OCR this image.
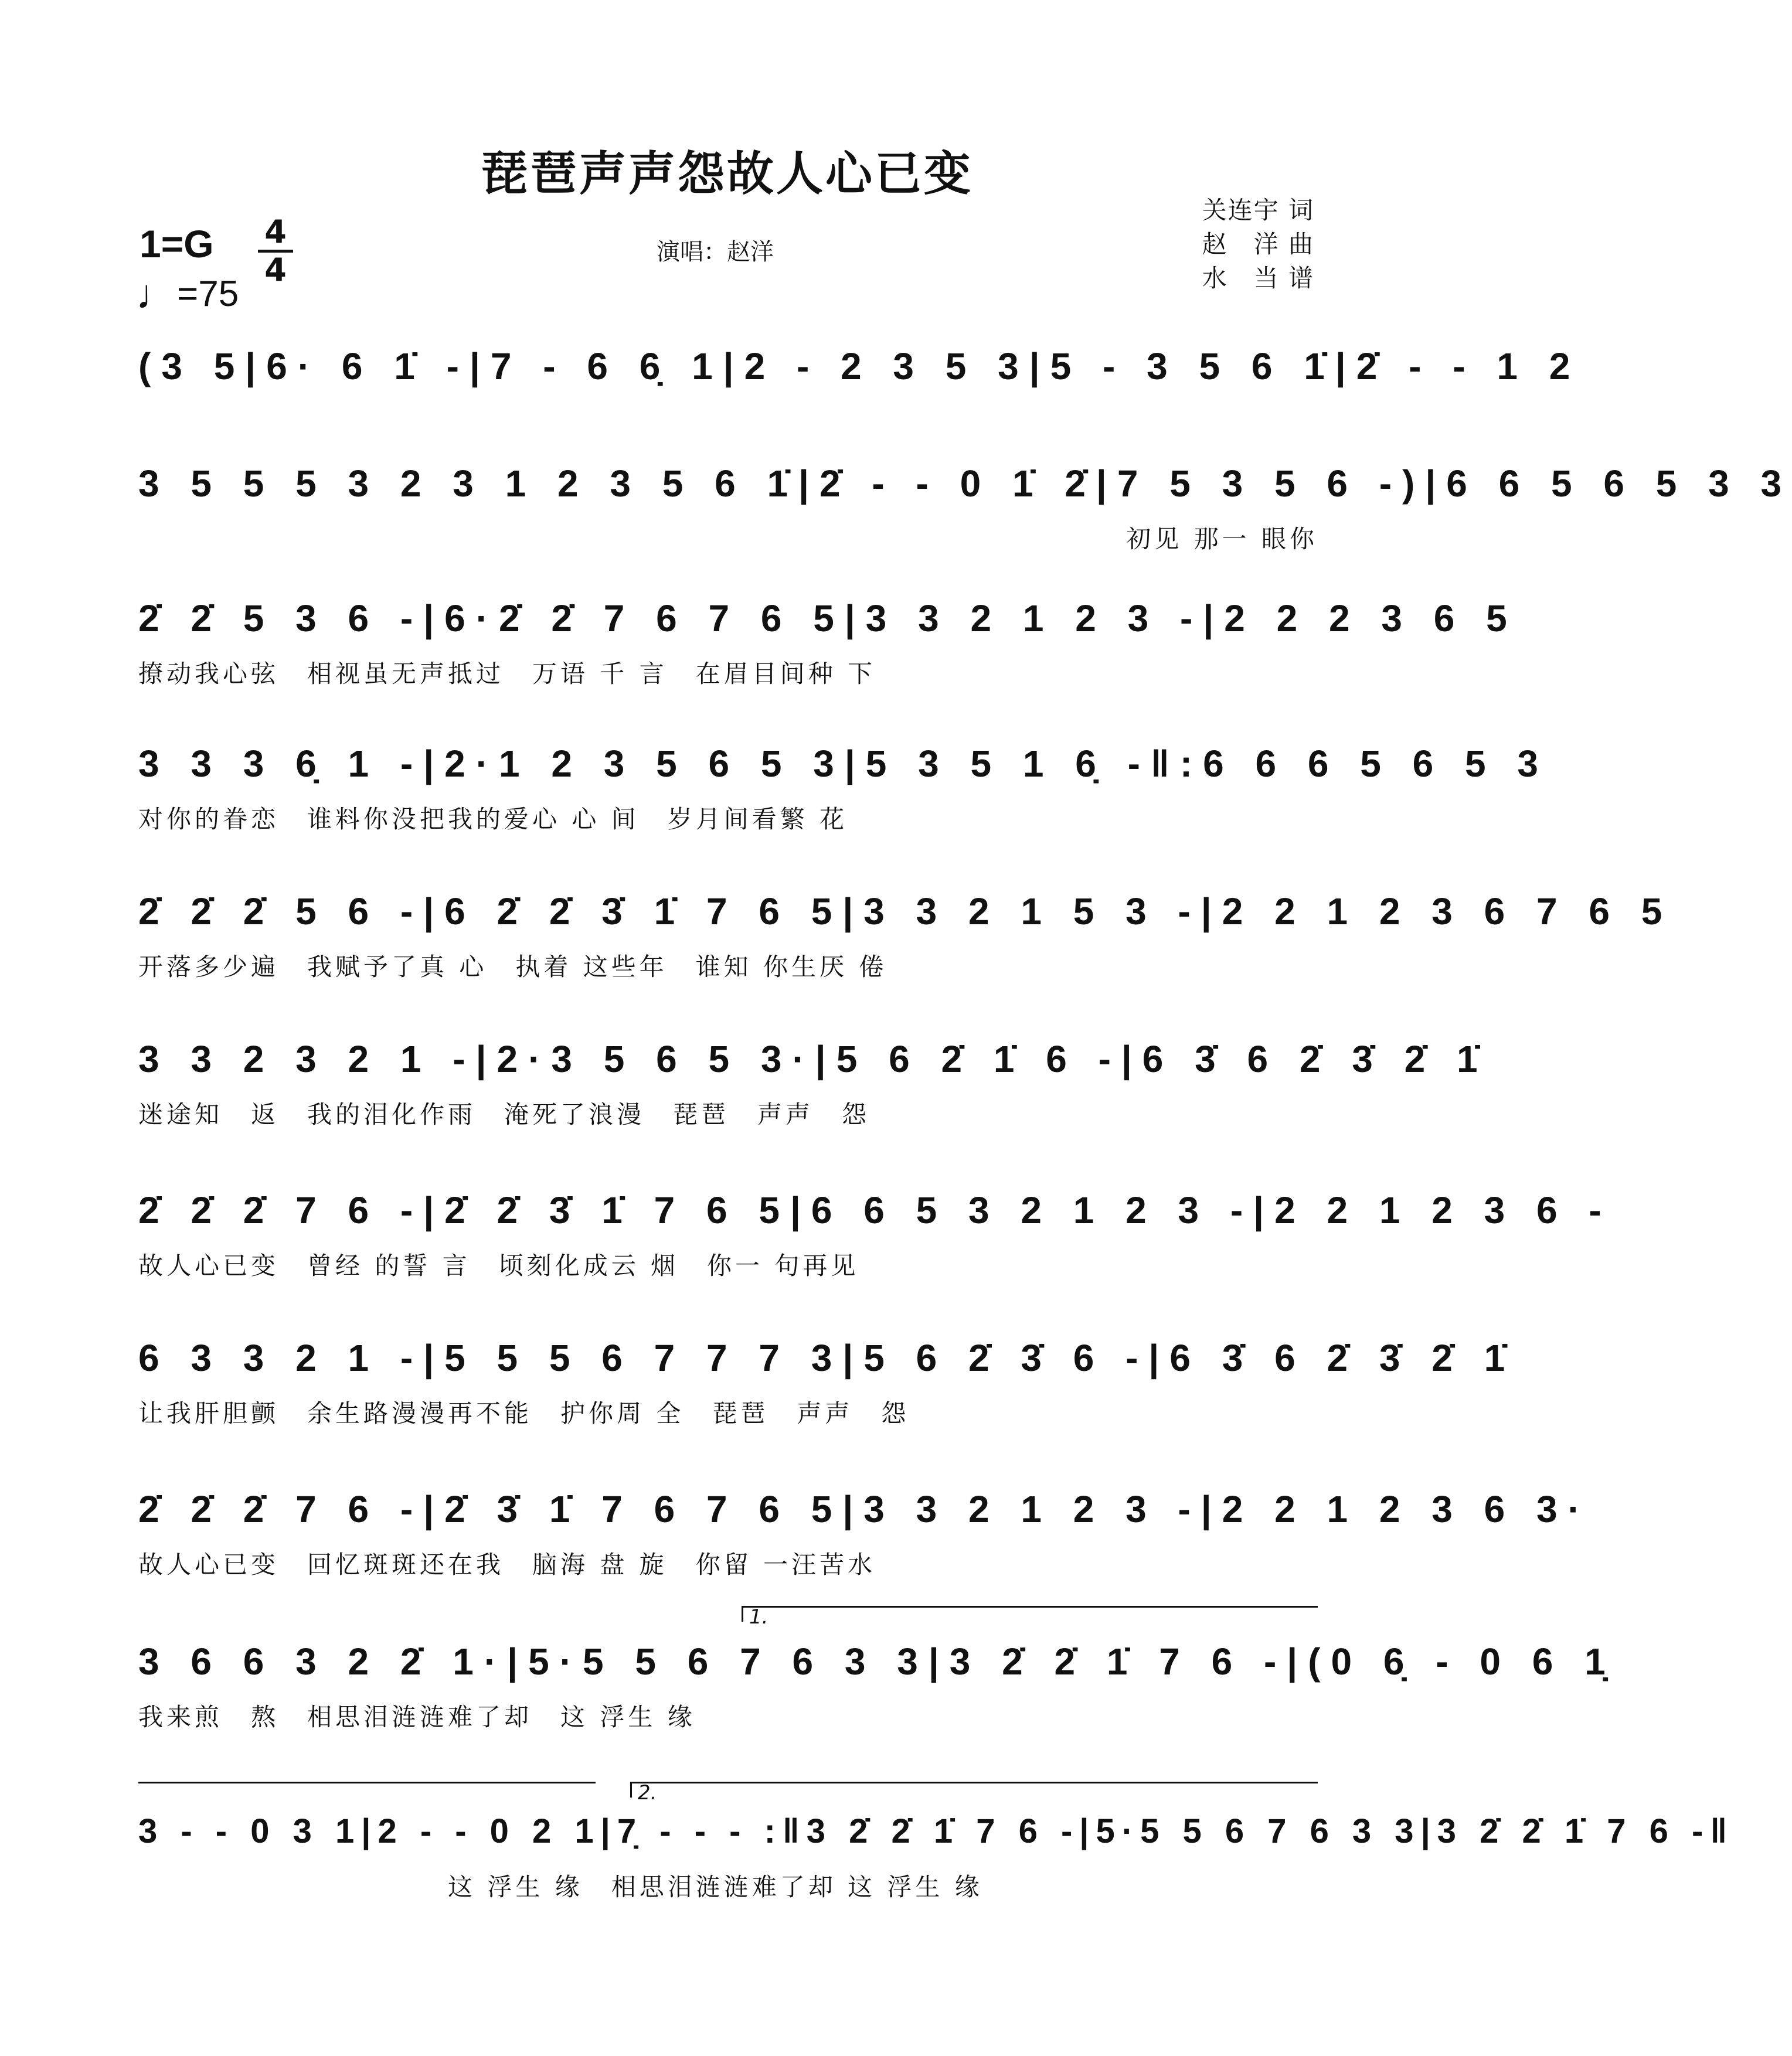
琵琶声声怨故人心已变
1=G 4
4
♩=75
演唱：赵洋
关连宇 词
赵　洋 曲
水　当 谱
(3 5|6· 6 1̇ -|7 - 6 6̣ 1|2 - 2 3 5 3|5 - 3 5 6 1̇|2̇ - - 1 2
3 5 5 5 3 2 3 1 2 3 5 6 1̇|2̇ - - 0 1̇ 2̇|7 5 3 5 6 -)|6 6 5 6 5 3 3
初见 那一 眼你
2̇ 2̇ 5 3 6 -|6·2̇ 2̇ 7 6 7 6 5|3 3 2 1 2 3 -|2 2 2 3 6 5
撩动我心弦　相视虽无声抵过　万语 千 言　在眉目间种 下
3 3 3 6̣ 1 -|2·1 2 3 5 6 5 3|5 3 5 1 6̣ -‖:6 6 6 5 6 5 3
对你的眷恋　谁料你没把我的爱心 心 间　岁月间看繁 花
2̇ 2̇ 2̇ 5 6 -|6 2̇ 2̇ 3̇ 1̇ 7 6 5|3 3 2 1 5 3 -|2 2 1 2 3 6 7 6 5
开落多少遍　我赋予了真 心　执着 这些年　谁知 你生厌 倦
3 3 2 3 2 1 -|2·3 5 6 5 3·|5 6 2̇ 1̇ 6 -|6 3̇ 6 2̇ 3̇ 2̇ 1̇
迷途知　返　我的泪化作雨　淹死了浪漫　琵琶　声声　怨
2̇ 2̇ 2̇ 7 6 -|2̇ 2̇ 3̇ 1̇ 7 6 5|6 6 5 3 2 1 2 3 -|2 2 1 2 3 6 -
故人心已变　曾经 的誓 言　顷刻化成云 烟　你一 句再见
6 3 3 2 1 -|5 5 5 6 7 7 7 3|5 6 2̇ 3̇ 6 -|6 3̇ 6 2̇ 3̇ 2̇ 1̇
让我肝胆颤　余生路漫漫再不能　护你周 全　琵琶　声声　怨
2̇ 2̇ 2̇ 7 6 -|2̇ 3̇ 1̇ 7 6 7 6 5|3 3 2 1 2 3 -|2 2 1 2 3 6 3·
故人心已变　回忆斑斑还在我　脑海 盘 旋　你留 一汪苦水
1.
3 6 6 3 2 2̇ 1·|5·5 5 6 7 6 3 3|3 2̇ 2̇ 1̇ 7 6 -|(0 6̣ - 0 6 1̣
我来煎　熬　相思泪涟涟难了却　这 浮生 缘
2.
3 - - 0 3 1|2 - - 0 2 1|7̣ - - - :‖3 2̇ 2̇ 1̇ 7 6 -|5·5 5 6 7 6 3 3|3 2̇ 2̇ 1̇ 7 6 -‖
　　　　　　　　　　　这 浮生 缘　相思泪涟涟难了却 这 浮生 缘
